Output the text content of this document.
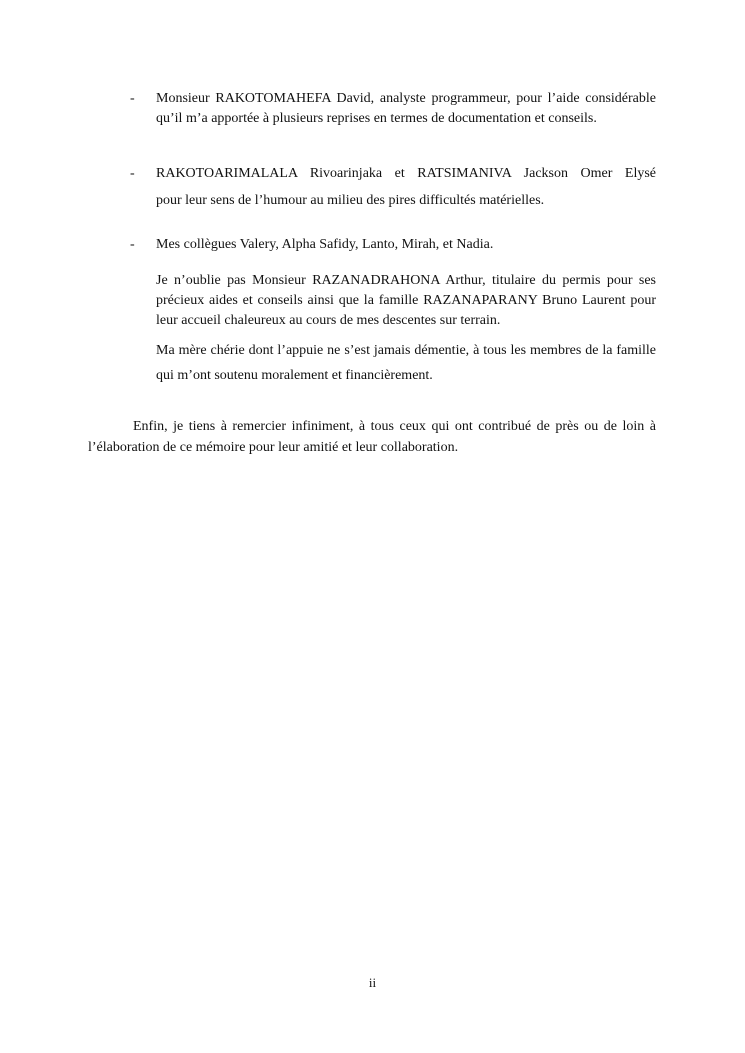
- Monsieur RAKOTOMAHEFA David, analyste programmeur, pour l’aide considérable qu’il m’a apportée à plusieurs reprises en termes de documentation et conseils.
- RAKOTOARIMALALA Rivoarinjaka et RATSIMANIVA Jackson Omer Elysé
pour leur sens de l’humour au milieu des pires difficultés matérielles.
- Mes collègues Valery, Alpha Safidy, Lanto, Mirah, et Nadia.
Je n’oublie pas Monsieur RAZANADRAHONA Arthur, titulaire du permis pour ses précieux aides et conseils ainsi que la famille RAZANAPARANY Bruno Laurent pour leur accueil chaleureux au cours de mes descentes sur terrain.
Ma mère chérie dont l’appuie ne s’est jamais démentie, à tous les membres de la famille qui m’ont soutenu moralement et financièrement.
Enfin, je tiens à remercier infiniment, à tous ceux qui ont contribué de près ou de loin à l’élaboration de ce mémoire pour leur amitié et leur collaboration.
ii
